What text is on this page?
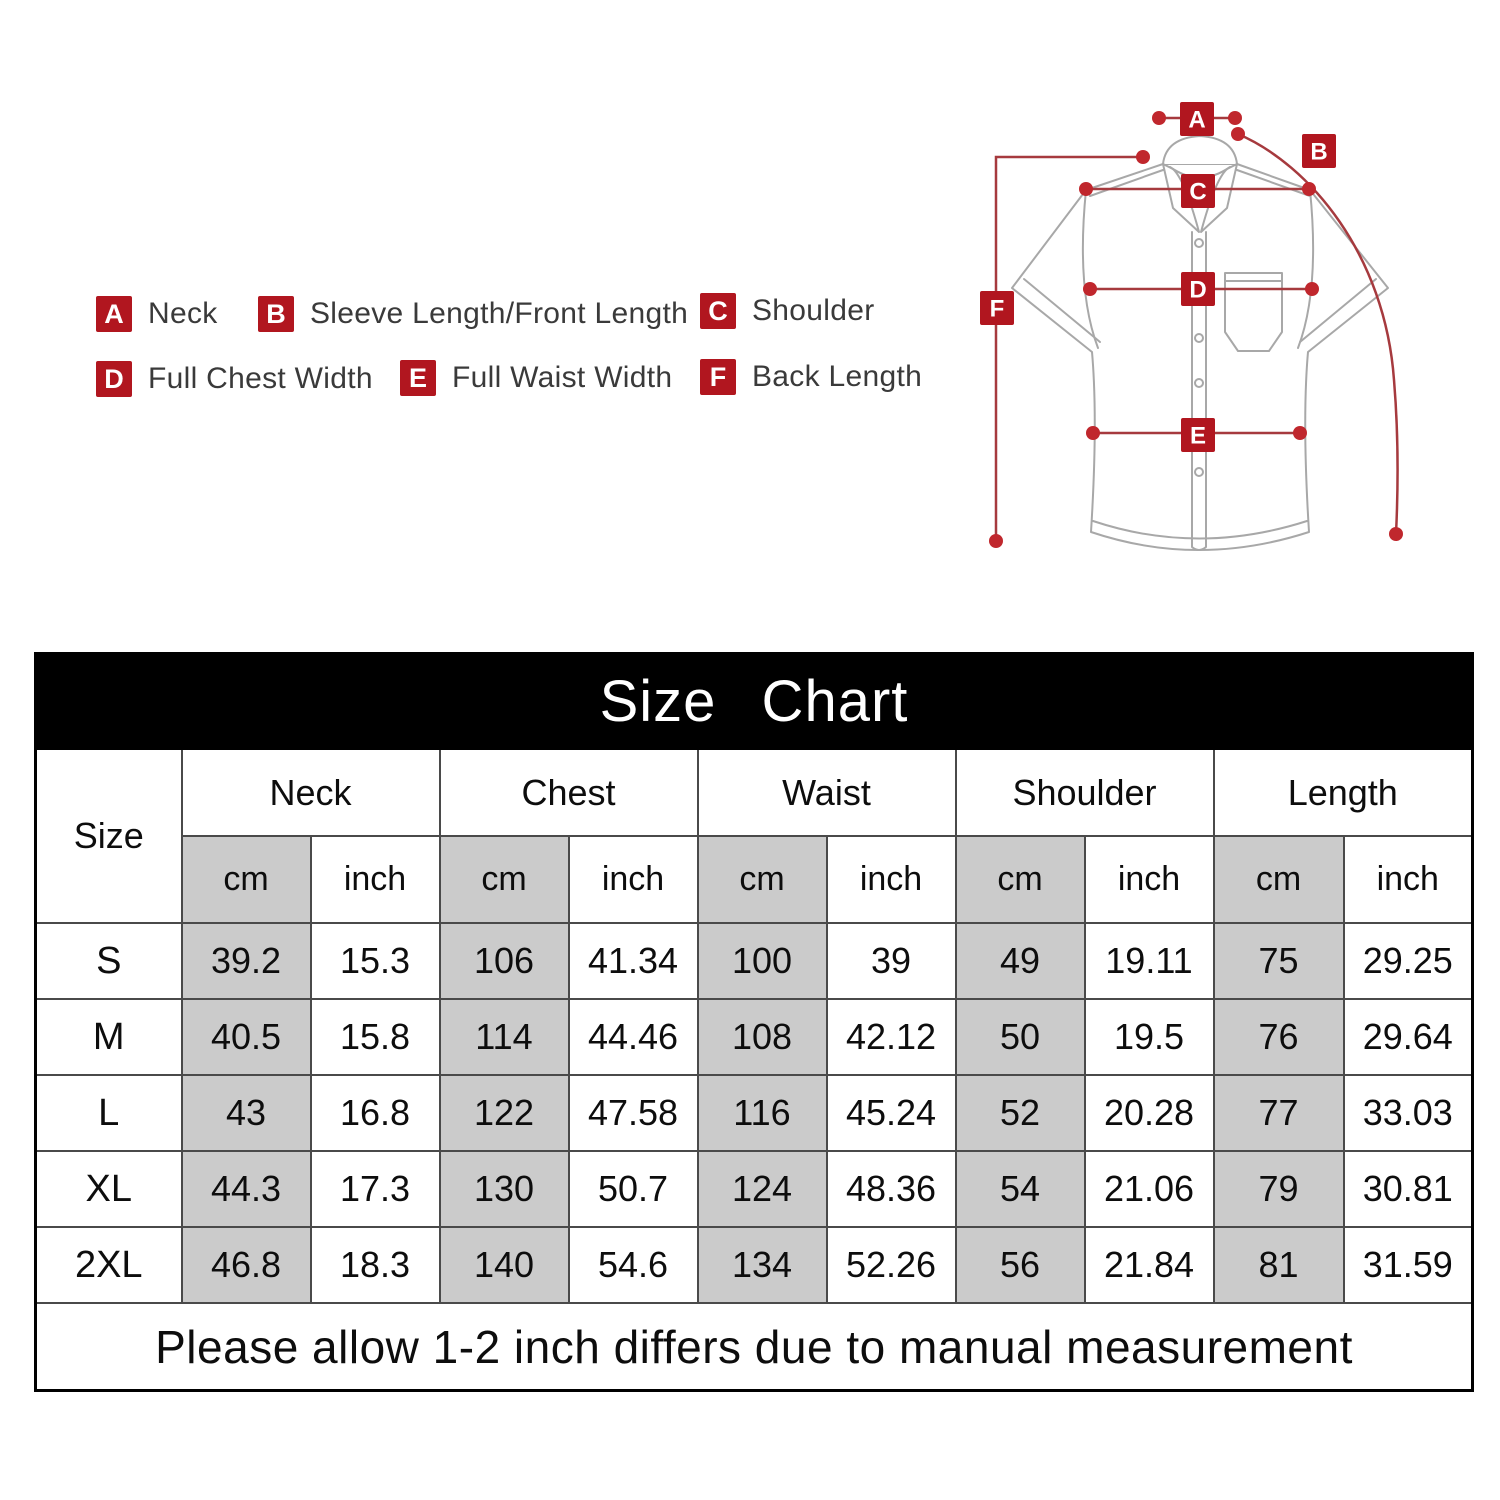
A Neck	B Sleeve Length/Front Length C Shoulder
D Full Chest Width	E Full Waist Width	F Back Length
A
B
C
D
E
F
Size Chart										
Size	Neck		Chest		Waist		Shoulder		Length	
	cm	inch	cm	inch	cm	inch	cm	inch	cm	inch
S	39.2	15.3	106	41.34	100	39	49	19.11	75	29.25
M	40.5	15.8	114	44.46	108	42.12	50	19.5	76	29.64
L	43	16.8	122	47.58	116	45.24	52	20.28	77	33.03
XL	44.3	17.3	130	50.7	124	48.36	54	21.06	79	30.81
2XL	46.8	18.3	140	54.6	134	52.26	56	21.84	81	31.59
Please allow 1-2 inch differs due to manual measurement										
